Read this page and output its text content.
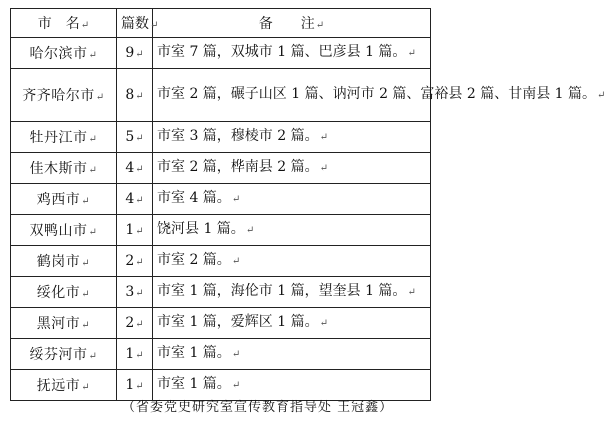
市　名↵	篇数↵	备　　注↵
哈尔滨市↵	9↵	市室 7 篇，双城市 1 篇、巴彦县 1 篇。↵
齐齐哈尔市↵	8↵	市室 2 篇，碾子山区 1 篇、讷河市 2 篇、富裕县 2 篇、甘南县 1 篇。↵
牡丹江市↵	5↵	市室 3 篇，穆棱市 2 篇。↵
佳木斯市↵	4↵	市室 2 篇，桦南县 2 篇。↵
鸡西市↵	4↵	市室 4 篇。↵
双鸭山市↵	1↵	饶河县 1 篇。↵
鹤岗市↵	2↵	市室 2 篇。↵
绥化市↵	3↵	市室 1 篇，海伦市 1 篇，望奎县 1 篇。↵
黑河市↵	2↵	市室 1 篇，爱辉区 1 篇。↵
绥芬河市↵	1↵	市室 1 篇。↵
抚远市↵	1↵	市室 1 篇。↵
（省委党史研究室宣传教育指导处 王冠鑫）
